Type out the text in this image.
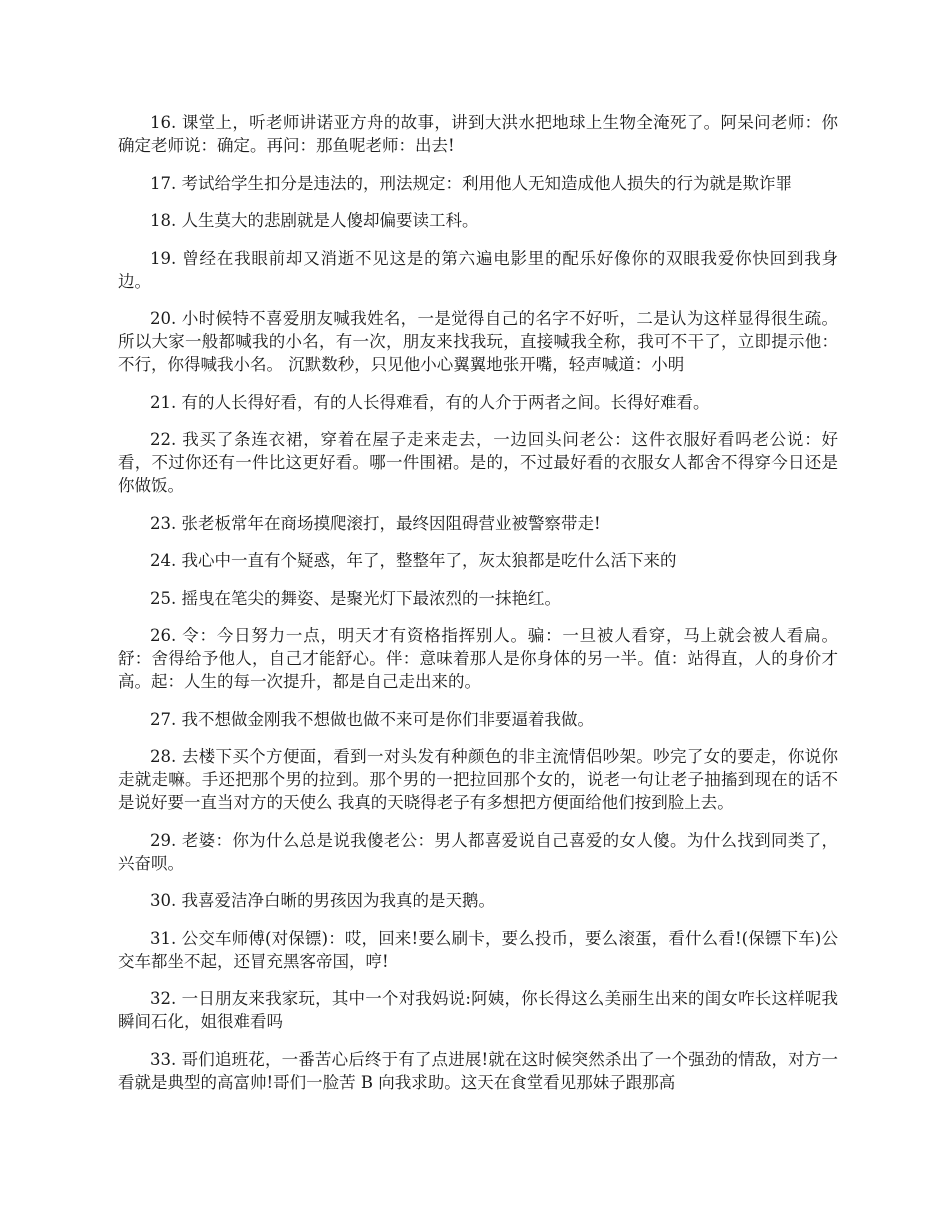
16. 课堂上，听老师讲诺亚方舟的故事，讲到大洪水把地球上生物全淹死了。阿呆问老师：你确定老师说：确定。再问：那鱼呢老师：出去!

17. 考试给学生扣分是违法的，刑法规定：利用他人无知造成他人损失的行为就是欺诈罪

18. 人生莫大的悲剧就是人傻却偏要读工科。

19. 曾经在我眼前却又消逝不见这是的第六遍电影里的配乐好像你的双眼我爱你快回到我身边。

20. 小时候特不喜爱朋友喊我姓名，一是觉得自己的名字不好听，二是认为这样显得很生疏。所以大家一般都喊我的小名，有一次，朋友来找我玩，直接喊我全称，我可不干了，立即提示他：不行，你得喊我小名。 沉默数秒，只见他小心翼翼地张开嘴，轻声喊道：小明

21. 有的人长得好看，有的人长得难看，有的人介于两者之间。长得好难看。

22. 我买了条连衣裙，穿着在屋子走来走去，一边回头问老公：这件衣服好看吗老公说：好看，不过你还有一件比这更好看。哪一件围裙。是的，不过最好看的衣服女人都舍不得穿今日还是你做饭。

23. 张老板常年在商场摸爬滚打，最终因阻碍营业被警察带走!

24. 我心中一直有个疑惑，年了，整整年了，灰太狼都是吃什么活下来的

25. 摇曳在笔尖的舞姿、是聚光灯下最浓烈的一抹艳红。

26. 令：今日努力一点，明天才有资格指挥别人。骗：一旦被人看穿，马上就会被人看扁。舒：舍得给予他人，自己才能舒心。伴：意味着那人是你身体的另一半。值：站得直，人的身价才高。起：人生的每一次提升，都是自己走出来的。

27. 我不想做金刚我不想做也做不来可是你们非要逼着我做。

28. 去楼下买个方便面，看到一对头发有种颜色的非主流情侣吵架。吵完了女的要走，你说你走就走嘛。手还把那个男的拉到。那个男的一把拉回那个女的，说老一句让老子抽搐到现在的话不是说好要一直当对方的天使么 我真的天晓得老子有多想把方便面给他们按到脸上去。

29. 老婆：你为什么总是说我傻老公：男人都喜爱说自己喜爱的女人傻。为什么找到同类了，兴奋呗。

30. 我喜爱洁净白晰的男孩因为我真的是天鹅。

31. 公交车师傅(对保镖)：哎，回来!要么刷卡，要么投币，要么滚蛋，看什么看!(保镖下车)公交车都坐不起，还冒充黑客帝国，哼!

32. 一日朋友来我家玩，其中一个对我妈说:阿姨，你长得这么美丽生出来的闺女咋长这样呢我瞬间石化，姐很难看吗

33. 哥们追班花，一番苦心后终于有了点进展!就在这时候突然杀出了一个强劲的情敌，对方一看就是典型的高富帅!哥们一脸苦 B 向我求助。这天在食堂看见那妹子跟那高
